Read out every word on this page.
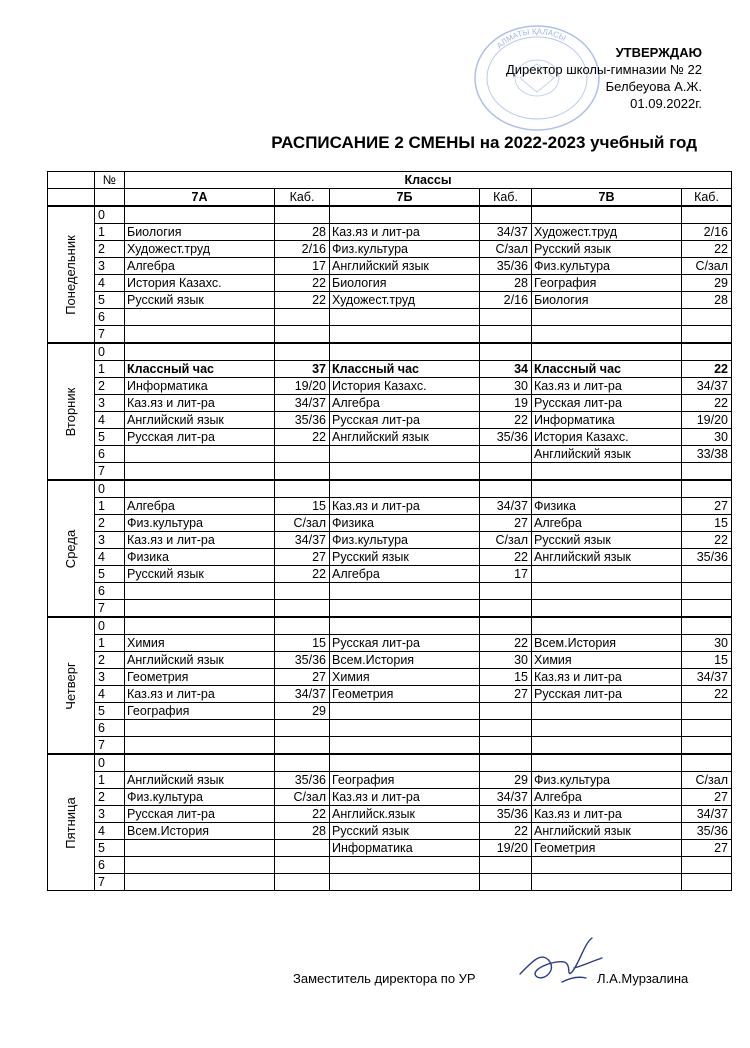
АЛМАТЫ ҚАЛАСЫ
УТВЕРЖДАЮ
Директор школы-гимназии № 22
Белбеуова А.Ж.
01.09.2022г.
РАСПИСАНИЕ 2 СМЕНЫ на 2022-2023 учебный год
	№	Классы					
		7А	Каб.	7Б	Каб.	7В	Каб.

Понедельник	0						
	1	Биология	28	Каз.яз и лит-ра	34/37	Художест.труд	2/16
	2	Художест.труд	2/16	Физ.культура	С/зал	Русский язык	22
	3	Алгебра	17	Английский язык	35/36	Физ.культура	С/зал
	4	История Казахс.	22	Биология	28	География	29
	5	Русский язык	22	Художест.труд	2/16	Биология	28
	6						
	7						

Вторник	0						
	1	Классный час	37	Классный час	34	Классный час	22
	2	Информатика	19/20	История Казахс.	30	Каз.яз и лит-ра	34/37
	3	Каз.яз и лит-ра	34/37	Алгебра	19	Русская лит-ра	22
	4	Английский язык	35/36	Русская лит-ра	22	Информатика	19/20
	5	Русская лит-ра	22	Английский язык	35/36	История Казахс.	30
	6					Английский язык	33/38
	7						

Среда	0						
	1	Алгебра	15	Каз.яз и лит-ра	34/37	Физика	27
	2	Физ.культура	С/зал	Физика	27	Алгебра	15
	3	Каз.яз и лит-ра	34/37	Физ.культура	С/зал	Русский язык	22
	4	Физика	27	Русский язык	22	Английский язык	35/36
	5	Русский язык	22	Алгебра	17		
	6						
	7						

Четверг	0						
	1	Химия	15	Русская лит-ра	22	Всем.История	30
	2	Английский язык	35/36	Всем.История	30	Химия	15
	3	Геометрия	27	Химия	15	Каз.яз и лит-ра	34/37
	4	Каз.яз и лит-ра	34/37	Геометрия	27	Русская лит-ра	22
	5	География	29				
	6						
	7						

Пятница	0						
	1	Английский язык	35/36	География	29	Физ.культура	С/зал
	2	Физ.культура	С/зал	Каз.яз и лит-ра	34/37	Алгебра	27
	3	Русская лит-ра	22	Английск.язык	35/36	Каз.яз и лит-ра	34/37
	4	Всем.История	28	Русский язык	22	Английский язык	35/36
	5			Информатика	19/20	Геометрия	27
	6						
	7						
Заместитель директора по УР	Л.А.Мурзалина
